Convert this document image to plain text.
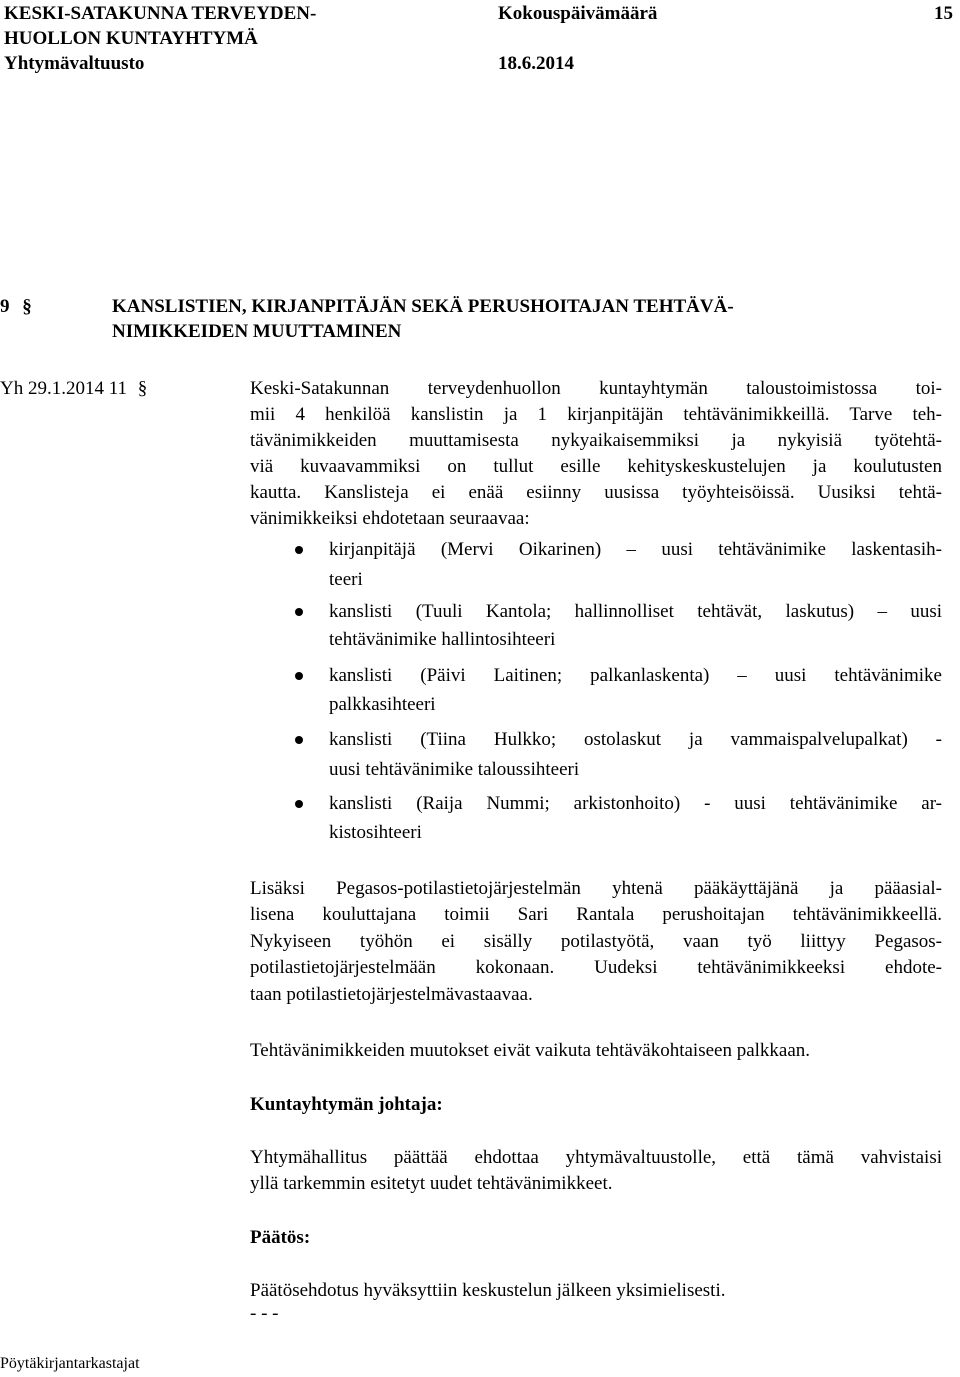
KESKI-SATAKUNNA TERVEYDEN-
HUOLLON KUNTAYHTYMÄ
Yhtymävaltuusto
Kokouspäivämäärä
18.6.2014
15
9 §	KANSLISTIEN, KIRJANPITÄJÄN SEKÄ PERUSHOITAJAN TEHTÄVÄ-
NIMIKKEIDEN MUUTTAMINEN
Yh 29.1.2014 11 §	Keski-Satakunnan terveydenhuollon kuntayhtymän taloustoimistossa toi-
mii 4 henkilöä kanslistin ja 1 kirjanpitäjän tehtävänimikkeillä. Tarve teh-
tävänimikkeiden muuttamisesta nykyaikaisemmiksi ja nykyisiä työtehtä-
viä kuvaavammiksi on tullut esille kehityskeskustelujen ja koulutusten
kautta. Kanslisteja ei enää esiinny uusissa työyhteisöissä. Uusiksi tehtä-
vänimikkeiksi ehdotetaan seuraavaa:
kirjanpitäjä (Mervi Oikarinen) – uusi tehtävänimike laskentasih-
teeri
kanslisti (Tuuli Kantola; hallinnolliset tehtävät, laskutus) – uusi
tehtävänimike hallintosihteeri
kanslisti (Päivi Laitinen; palkanlaskenta) – uusi tehtävänimike
palkkasihteeri
kanslisti (Tiina Hulkko; ostolaskut ja vammaispalvelupalkat) -
uusi tehtävänimike taloussihteeri
kanslisti (Raija Nummi; arkistonhoito) - uusi tehtävänimike ar-
kistosihteeri
Lisäksi Pegasos-potilastietojärjestelmän yhtenä pääkäyttäjänä ja pääasial-
lisena kouluttajana toimii Sari Rantala perushoitajan tehtävänimikkeellä.
Nykyiseen työhön ei sisälly potilastyötä, vaan työ liittyy Pegasos-
potilastietojärjestelmään kokonaan. Uudeksi tehtävänimikkeeksi ehdote-
taan potilastietojärjestelmävastaavaa.
Tehtävänimikkeiden muutokset eivät vaikuta tehtäväkohtaiseen palkkaan.
Kuntayhtymän johtaja:
Yhtymähallitus päättää ehdottaa yhtymävaltuustolle, että tämä vahvistaisi
yllä tarkemmin esitetyt uudet tehtävänimikkeet.
Päätös:
Päätösehdotus hyväksyttiin keskustelun jälkeen yksimielisesti.
- - -
Pöytäkirjantarkastajat
